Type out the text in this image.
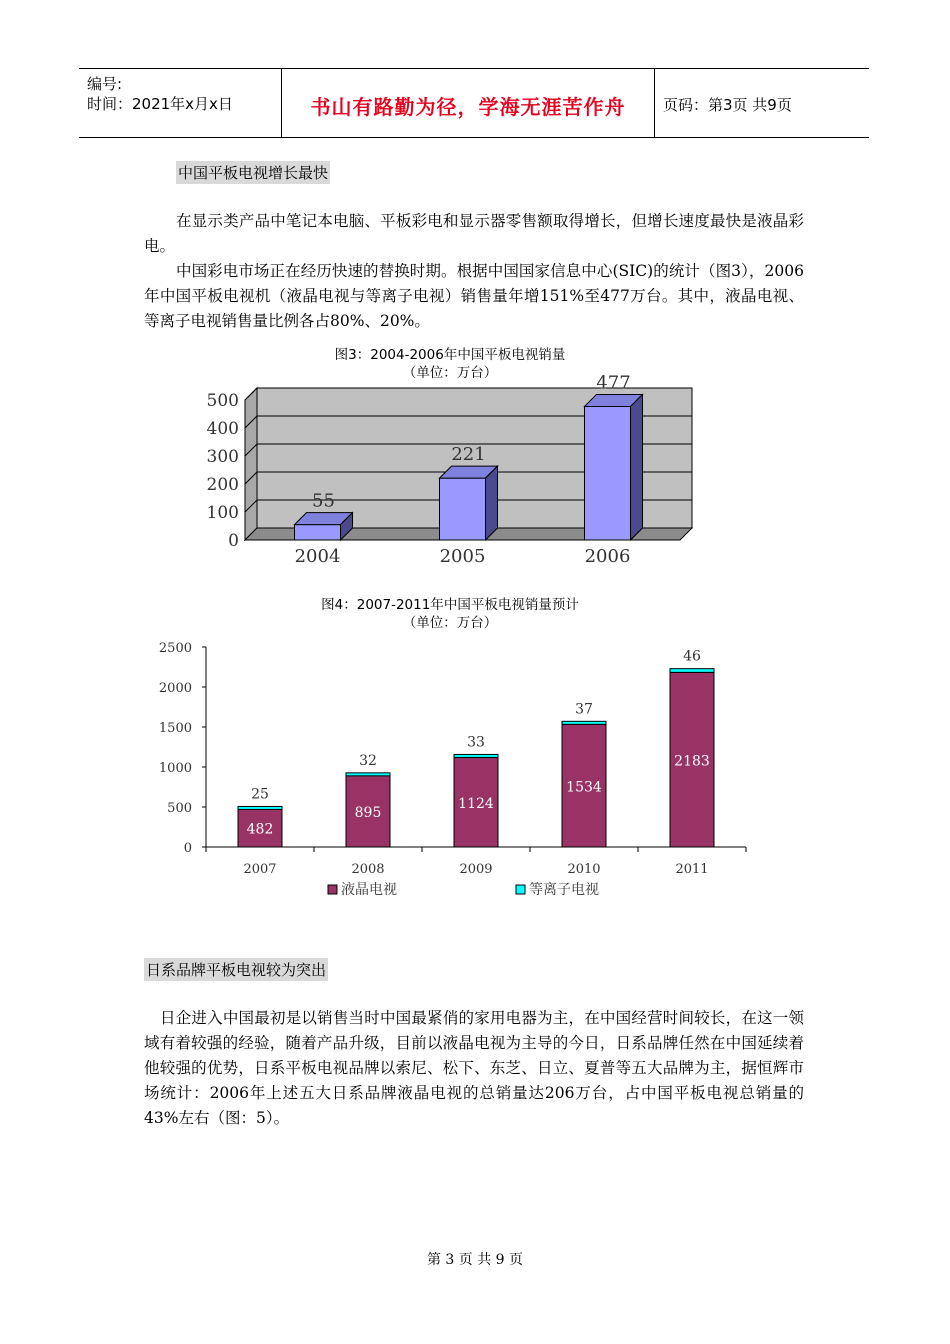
编号:
时间：2021年x月x日	书山有路勤为径，学海无涯苦作舟	页码：第3页 共9页
中国平板电视增长最快
在显示类产品中笔记本电脑、平板彩电和显示器零售额取得增长，但增长速度最快是液晶彩电。
中国彩电市场正在经历快速的替换时期。根据中国国家信息中心(SIC)的统计（图3），2006年中国平板电视机（液晶电视与等离子电视）销售量年增151%至477万台。其中，液晶电视、等离子电视销售量比例各占80%、20%。
图3：2004-2006年中国平板电视销量
（单位：万台）
0
100
200
300
400
500
55
2004
221
2005
477
2006
图4：2007-2011年中国平板电视销量预计
（单位：万台）
0
500
1000
1500
2000
2500
482
25
2007
895
32
2008
1124
33
2009
1534
37
2010
2183
46
2011
液晶电视	等离子电视
日系品牌平板电视较为突出
日企进入中国最初是以销售当时中国最紧俏的家用电器为主，在中国经营时间较长，在这一领域有着较强的经验，随着产品升级，目前以液晶电视为主导的今日，日系品牌任然在中国延续着他较强的优势，日系平板电视品牌以索尼、松下、东芝、日立、夏普等五大品牌为主，据恒辉市场统计：2006年上述五大日系品牌液晶电视的总销量达206万台，占中国平板电视总销量的43%左右（图：5）。
第 3 页 共 9 页
